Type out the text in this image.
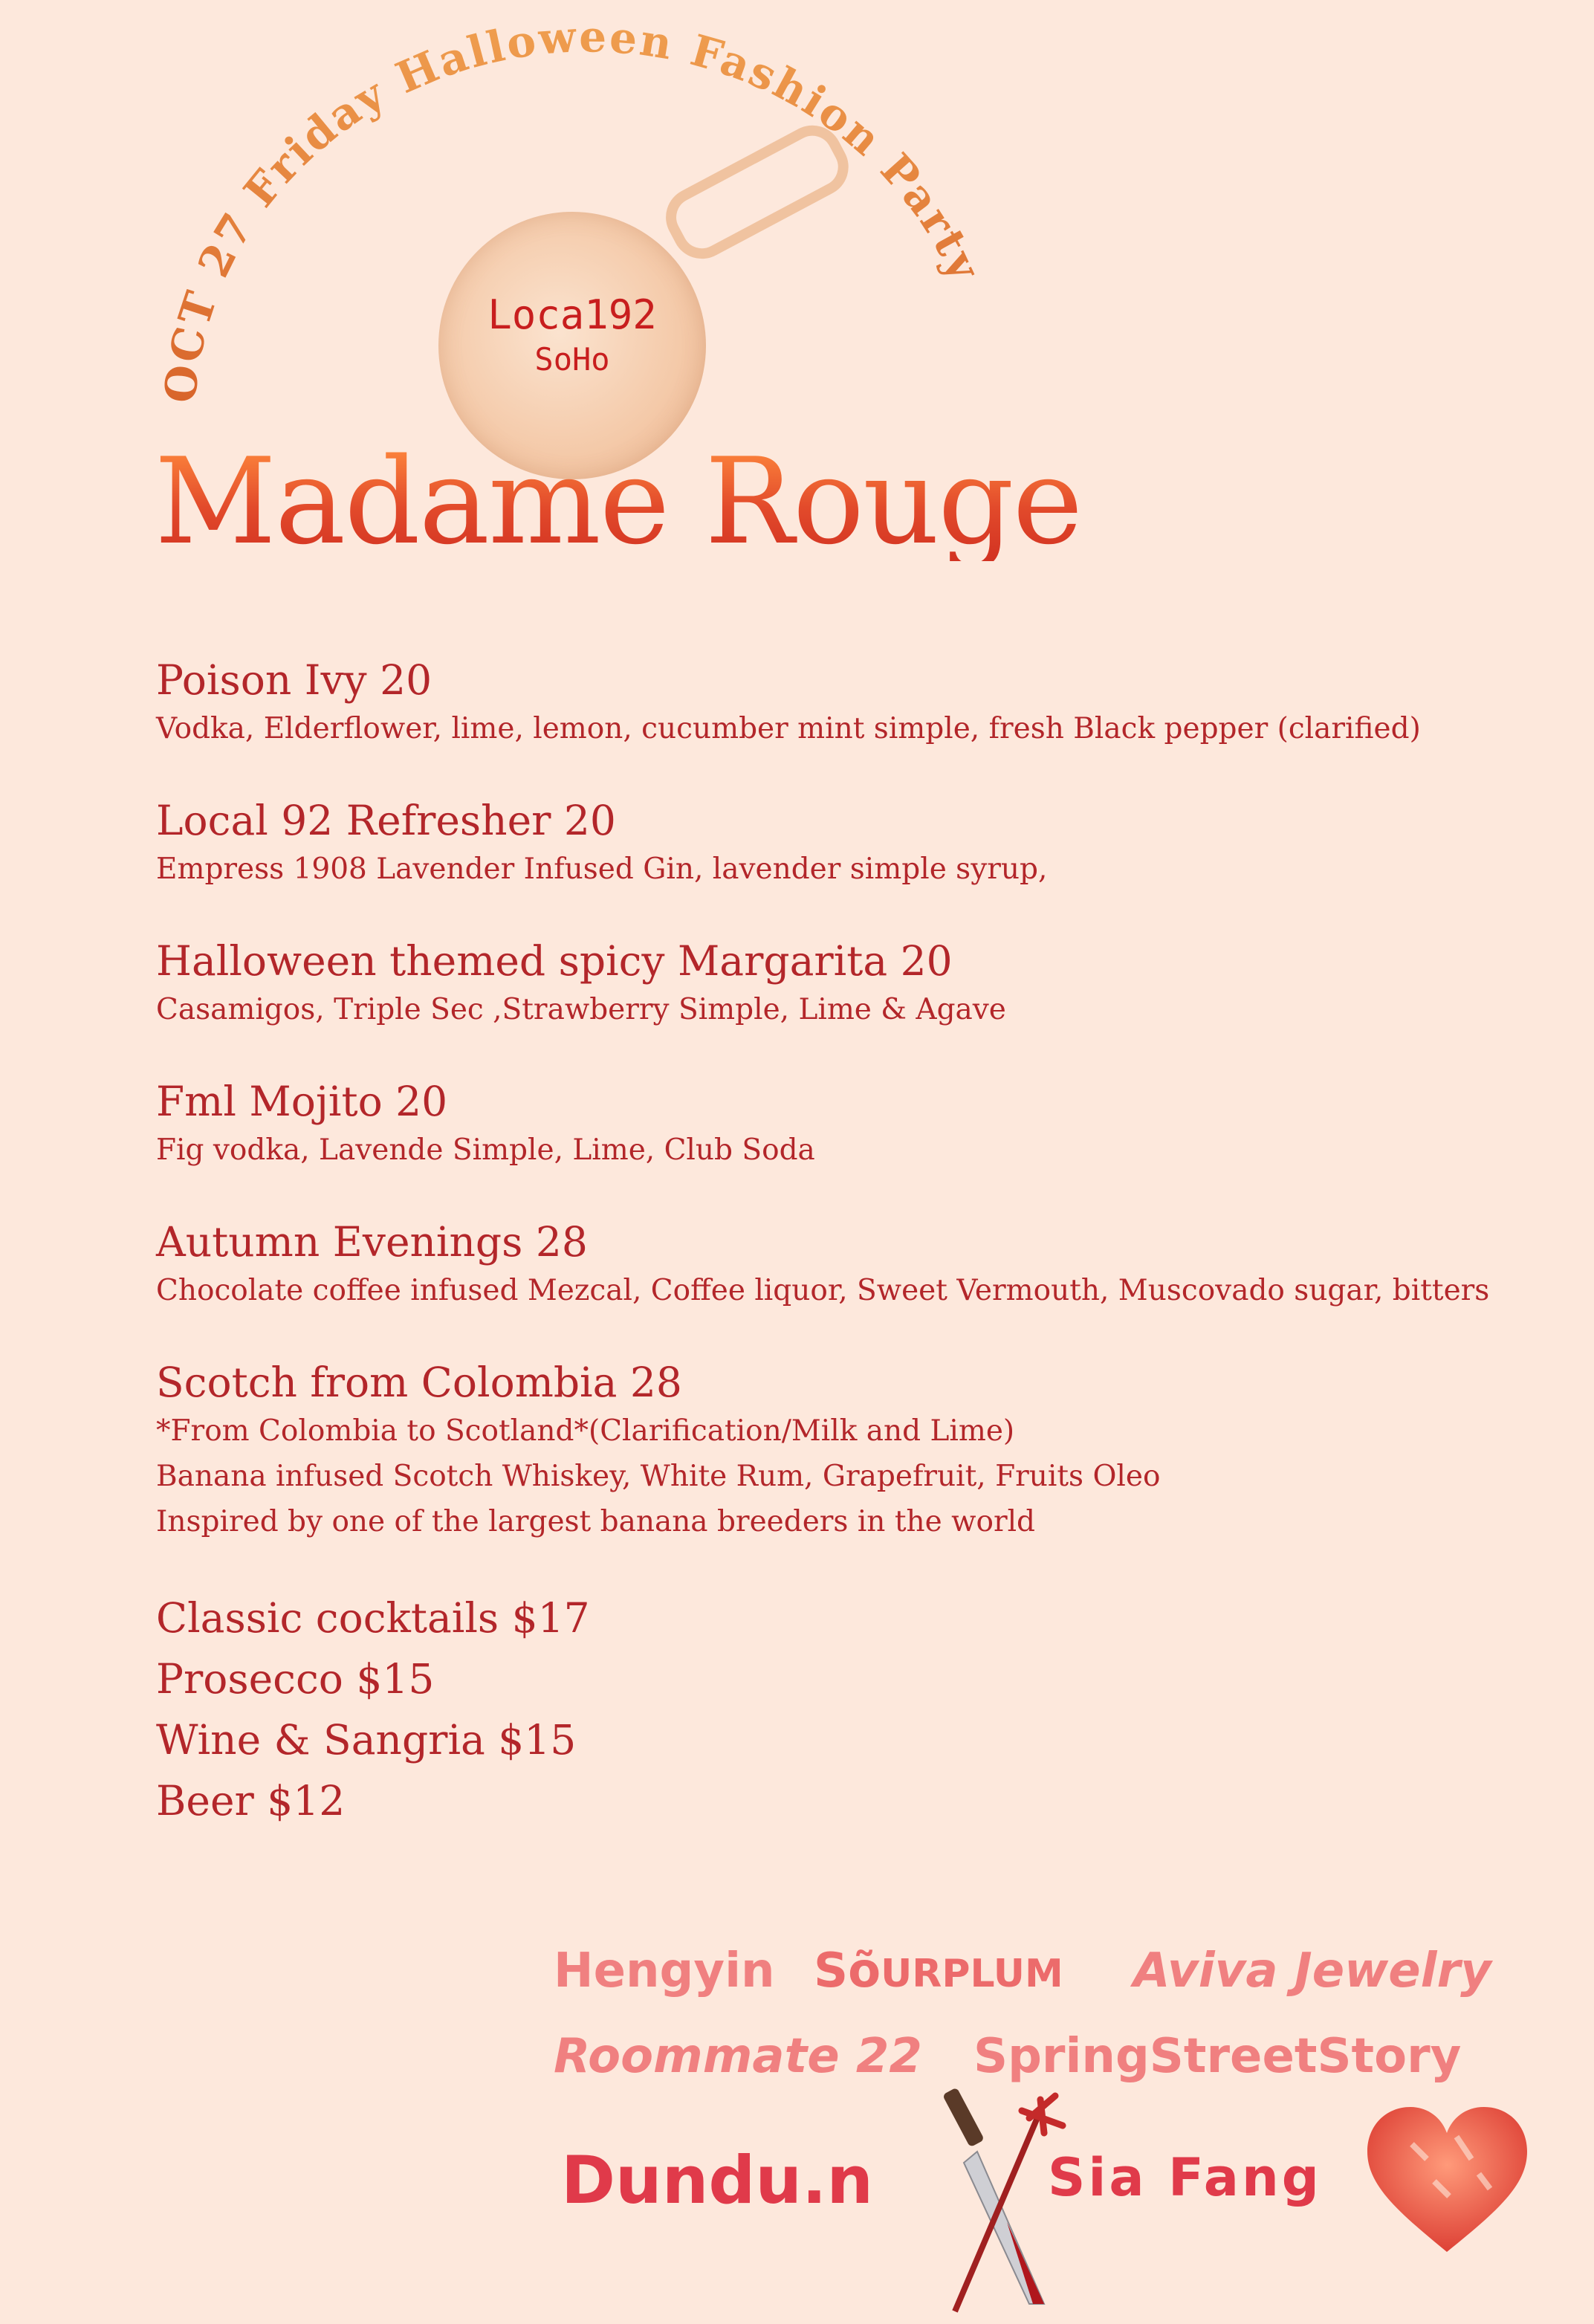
OCT 27 Friday Halloween Fashion Party
Loca192
SoHo
Madame Rouge
Poison Ivy 20
Vodka, Elderflower, lime, lemon, cucumber mint simple, fresh Black pepper (clarified)
Local 92 Refresher 20
Empress 1908 Lavender Infused Gin, lavender simple syrup,
Halloween themed spicy Margarita 20
Casamigos, Triple Sec ,Strawberry Simple, Lime & Agave
Fml Mojito 20
Fig vodka, Lavende Simple, Lime, Club Soda
Autumn Evenings 28
Chocolate coffee infused Mezcal, Coffee liquor, Sweet Vermouth, Muscovado sugar, bitters
Scotch from Colombia 28
*From Colombia to Scotland*(Clarification/Milk and Lime)
Banana infused Scotch Whiskey, White Rum, Grapefruit, Fruits Oleo
Inspired by one of the largest banana breeders in the world
Classic cocktails $17
Prosecco $15
Wine & Sangria $15
Beer $12
Hengyin SõURPLUM Aviva Jewelry
Roommate 22 SpringStreetStory
Dundu.n	Sia Fang
